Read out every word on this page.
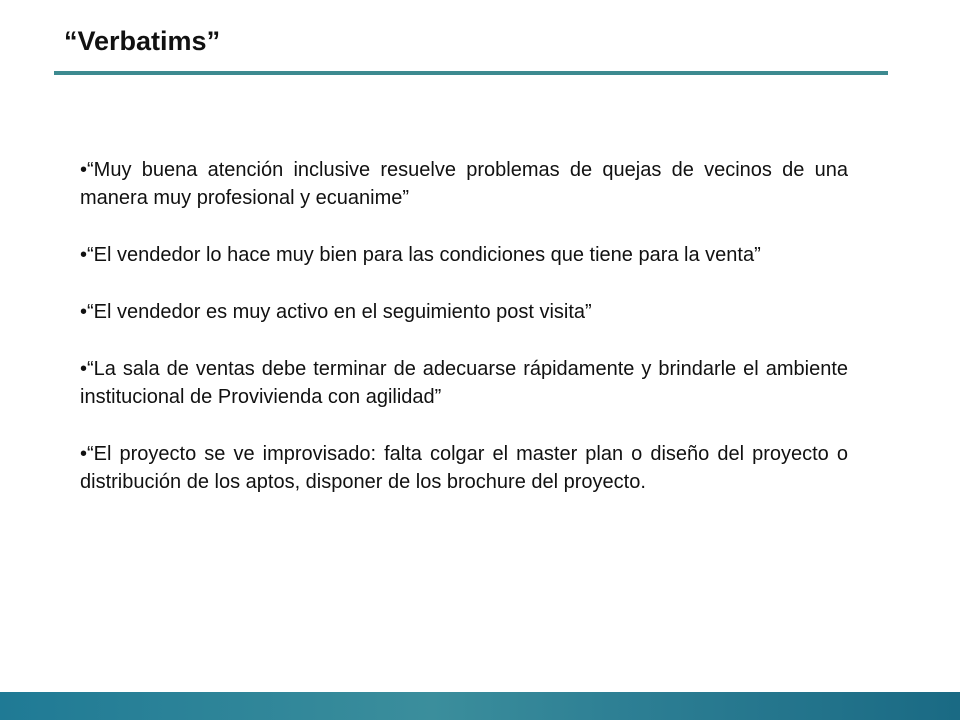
“Verbatims”
•“Muy buena atención inclusive resuelve problemas de quejas de vecinos de una manera muy profesional y ecuanime”
•“El vendedor lo hace muy bien para las condiciones que tiene para la venta”
•“El vendedor es muy activo en el seguimiento post visita”
•“La sala de ventas debe terminar de adecuarse rápidamente y brindarle el ambiente institucional de Provivienda con agilidad”
•“El proyecto se ve improvisado: falta colgar el master plan o diseño del proyecto o distribución de los aptos, disponer de los brochure del proyecto.
